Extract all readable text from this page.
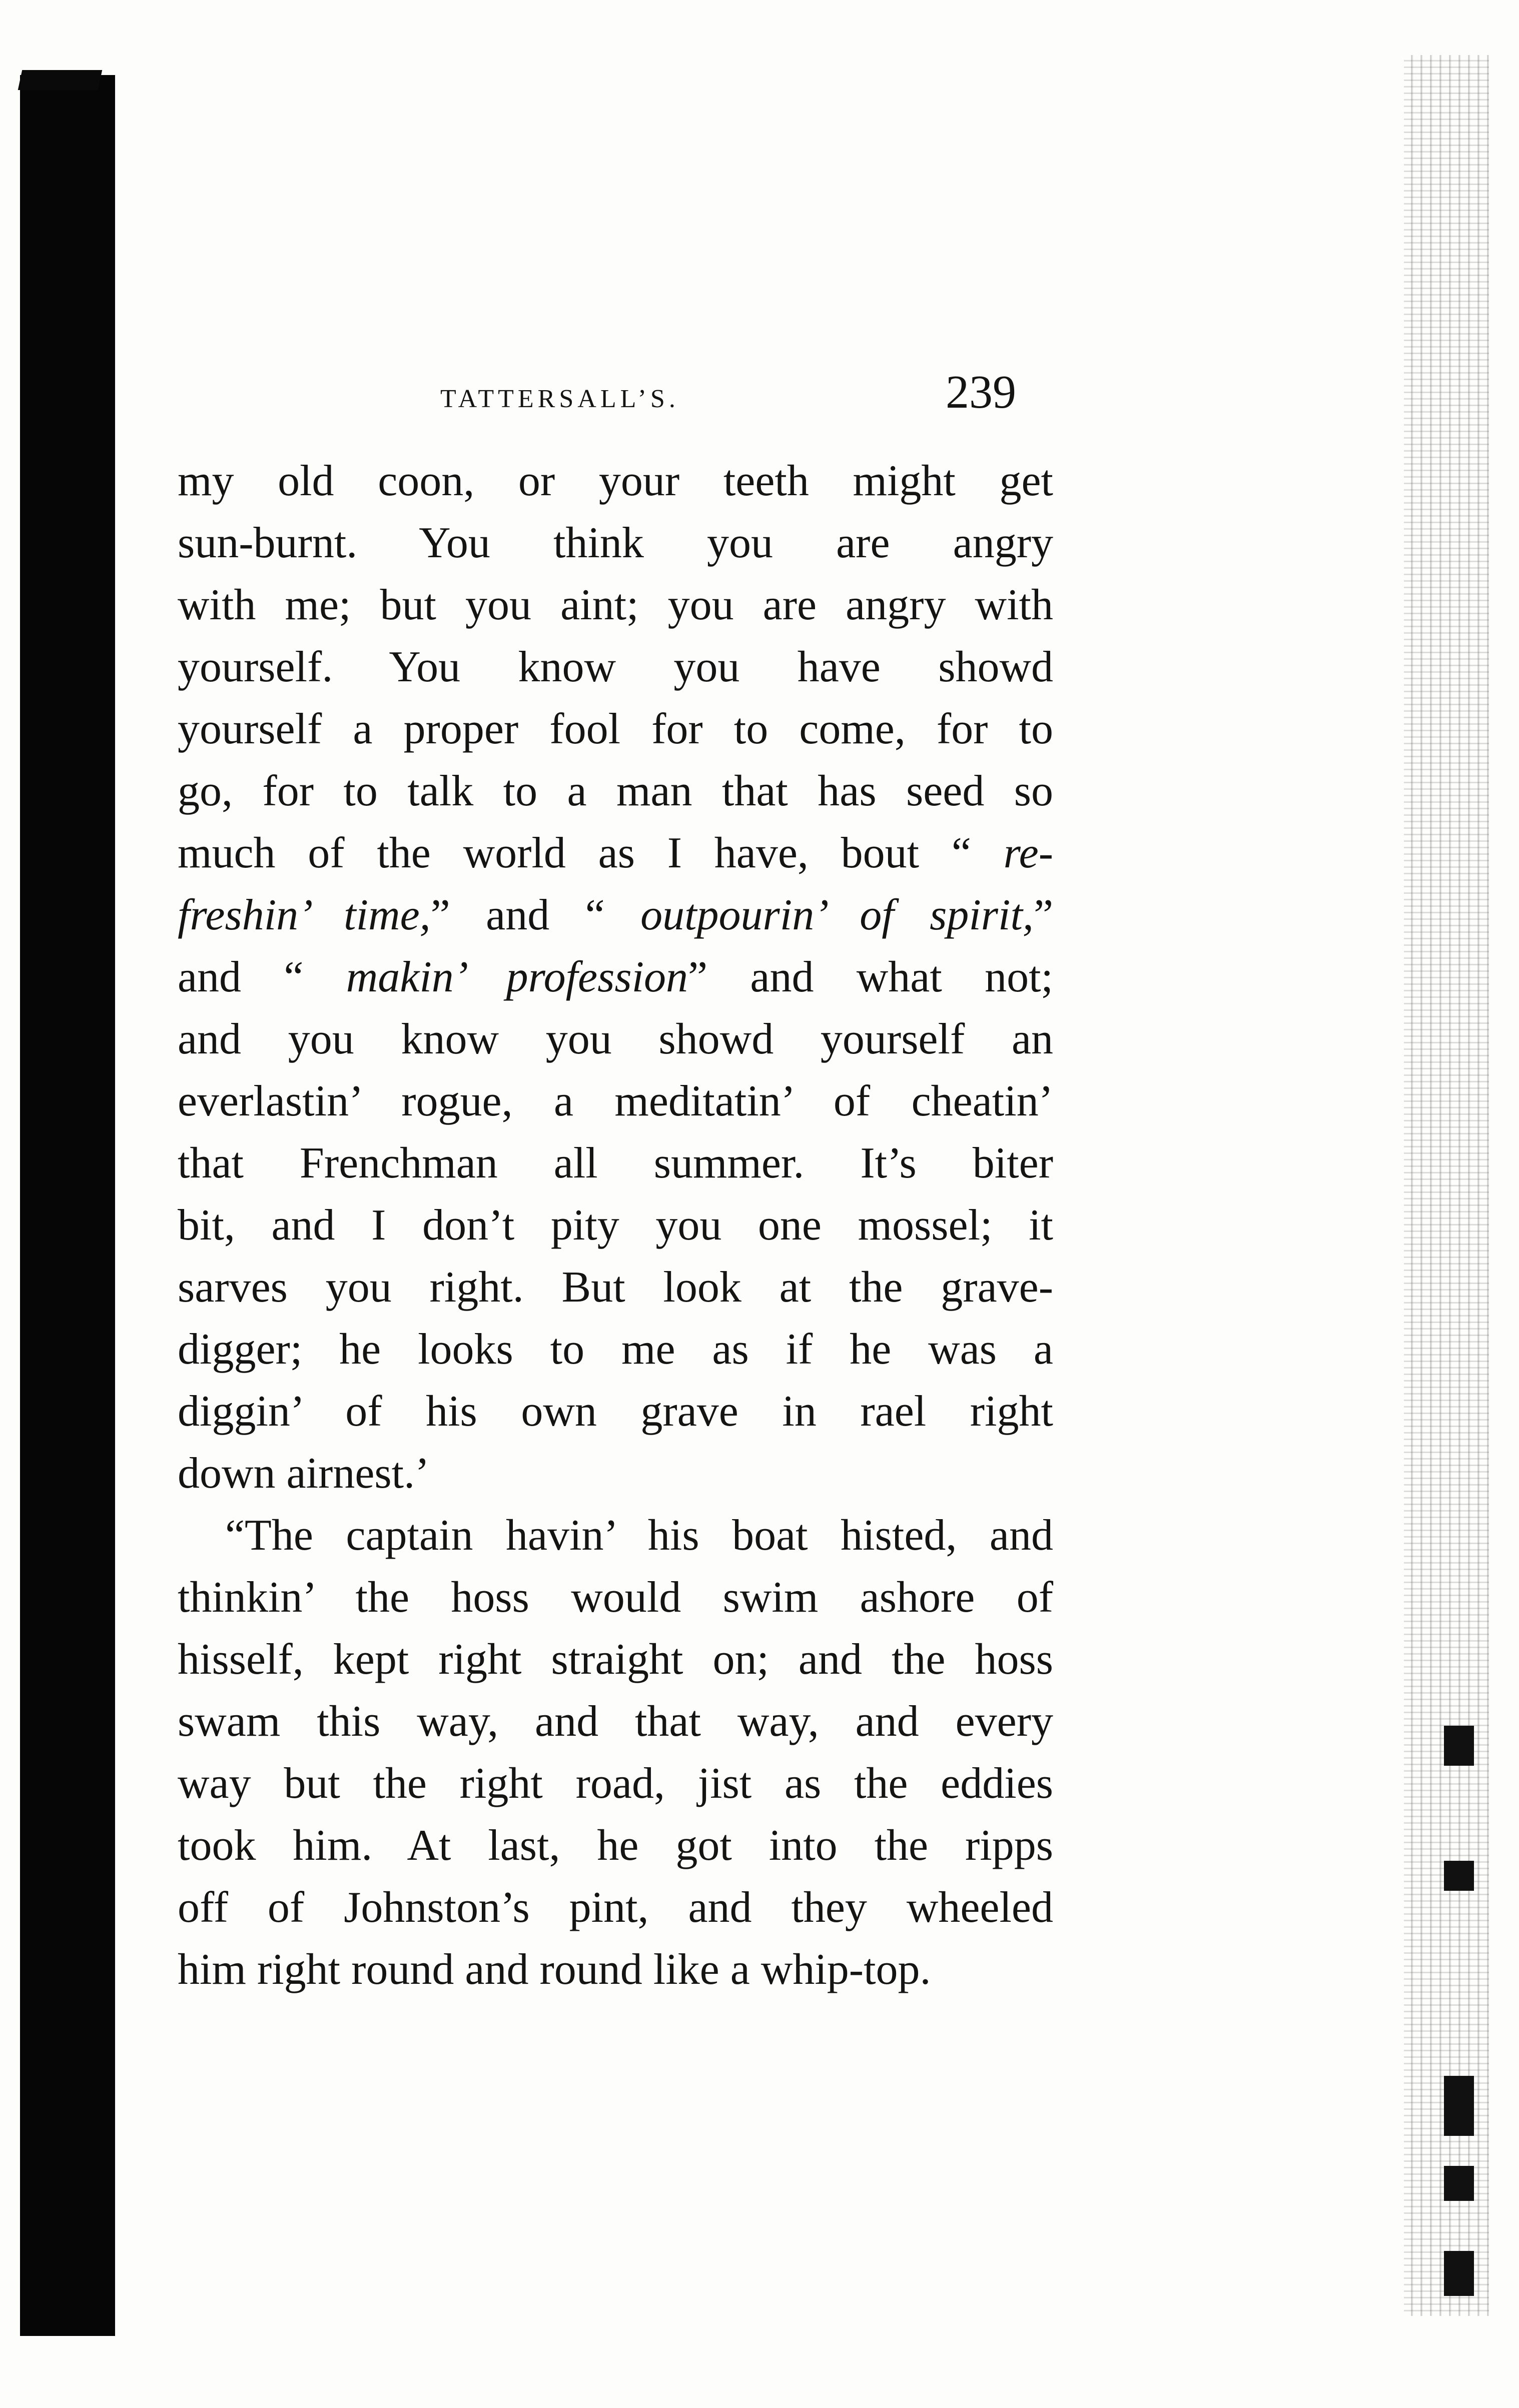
TATTERSALL’S.	239
my old coon, or your teeth might get
sun-burnt. You think you are angry
with me; but you aint; you are angry with
yourself. You know you have showd
yourself a proper fool for to come, for to
go, for to talk to a man that has seed so
much of the world as I have, bout “ re-
freshin’ time,” and “ outpourin’ of spirit,”
and “ makin’ profession” and what not;
and you know you showd yourself an
everlastin’ rogue, a meditatin’ of cheatin’
that Frenchman all summer. It’s biter
bit, and I don’t pity you one mossel; it
sarves you right. But look at the grave-
digger; he looks to me as if he was a
diggin’ of his own grave in rael right
down airnest.’
“The captain havin’ his boat histed, and
thinkin’ the hoss would swim ashore of
hisself, kept right straight on; and the hoss
swam this way, and that way, and every
way but the right road, jist as the eddies
took him. At last, he got into the ripps
off of Johnston’s pint, and they wheeled
him right round and round like a whip-top.
